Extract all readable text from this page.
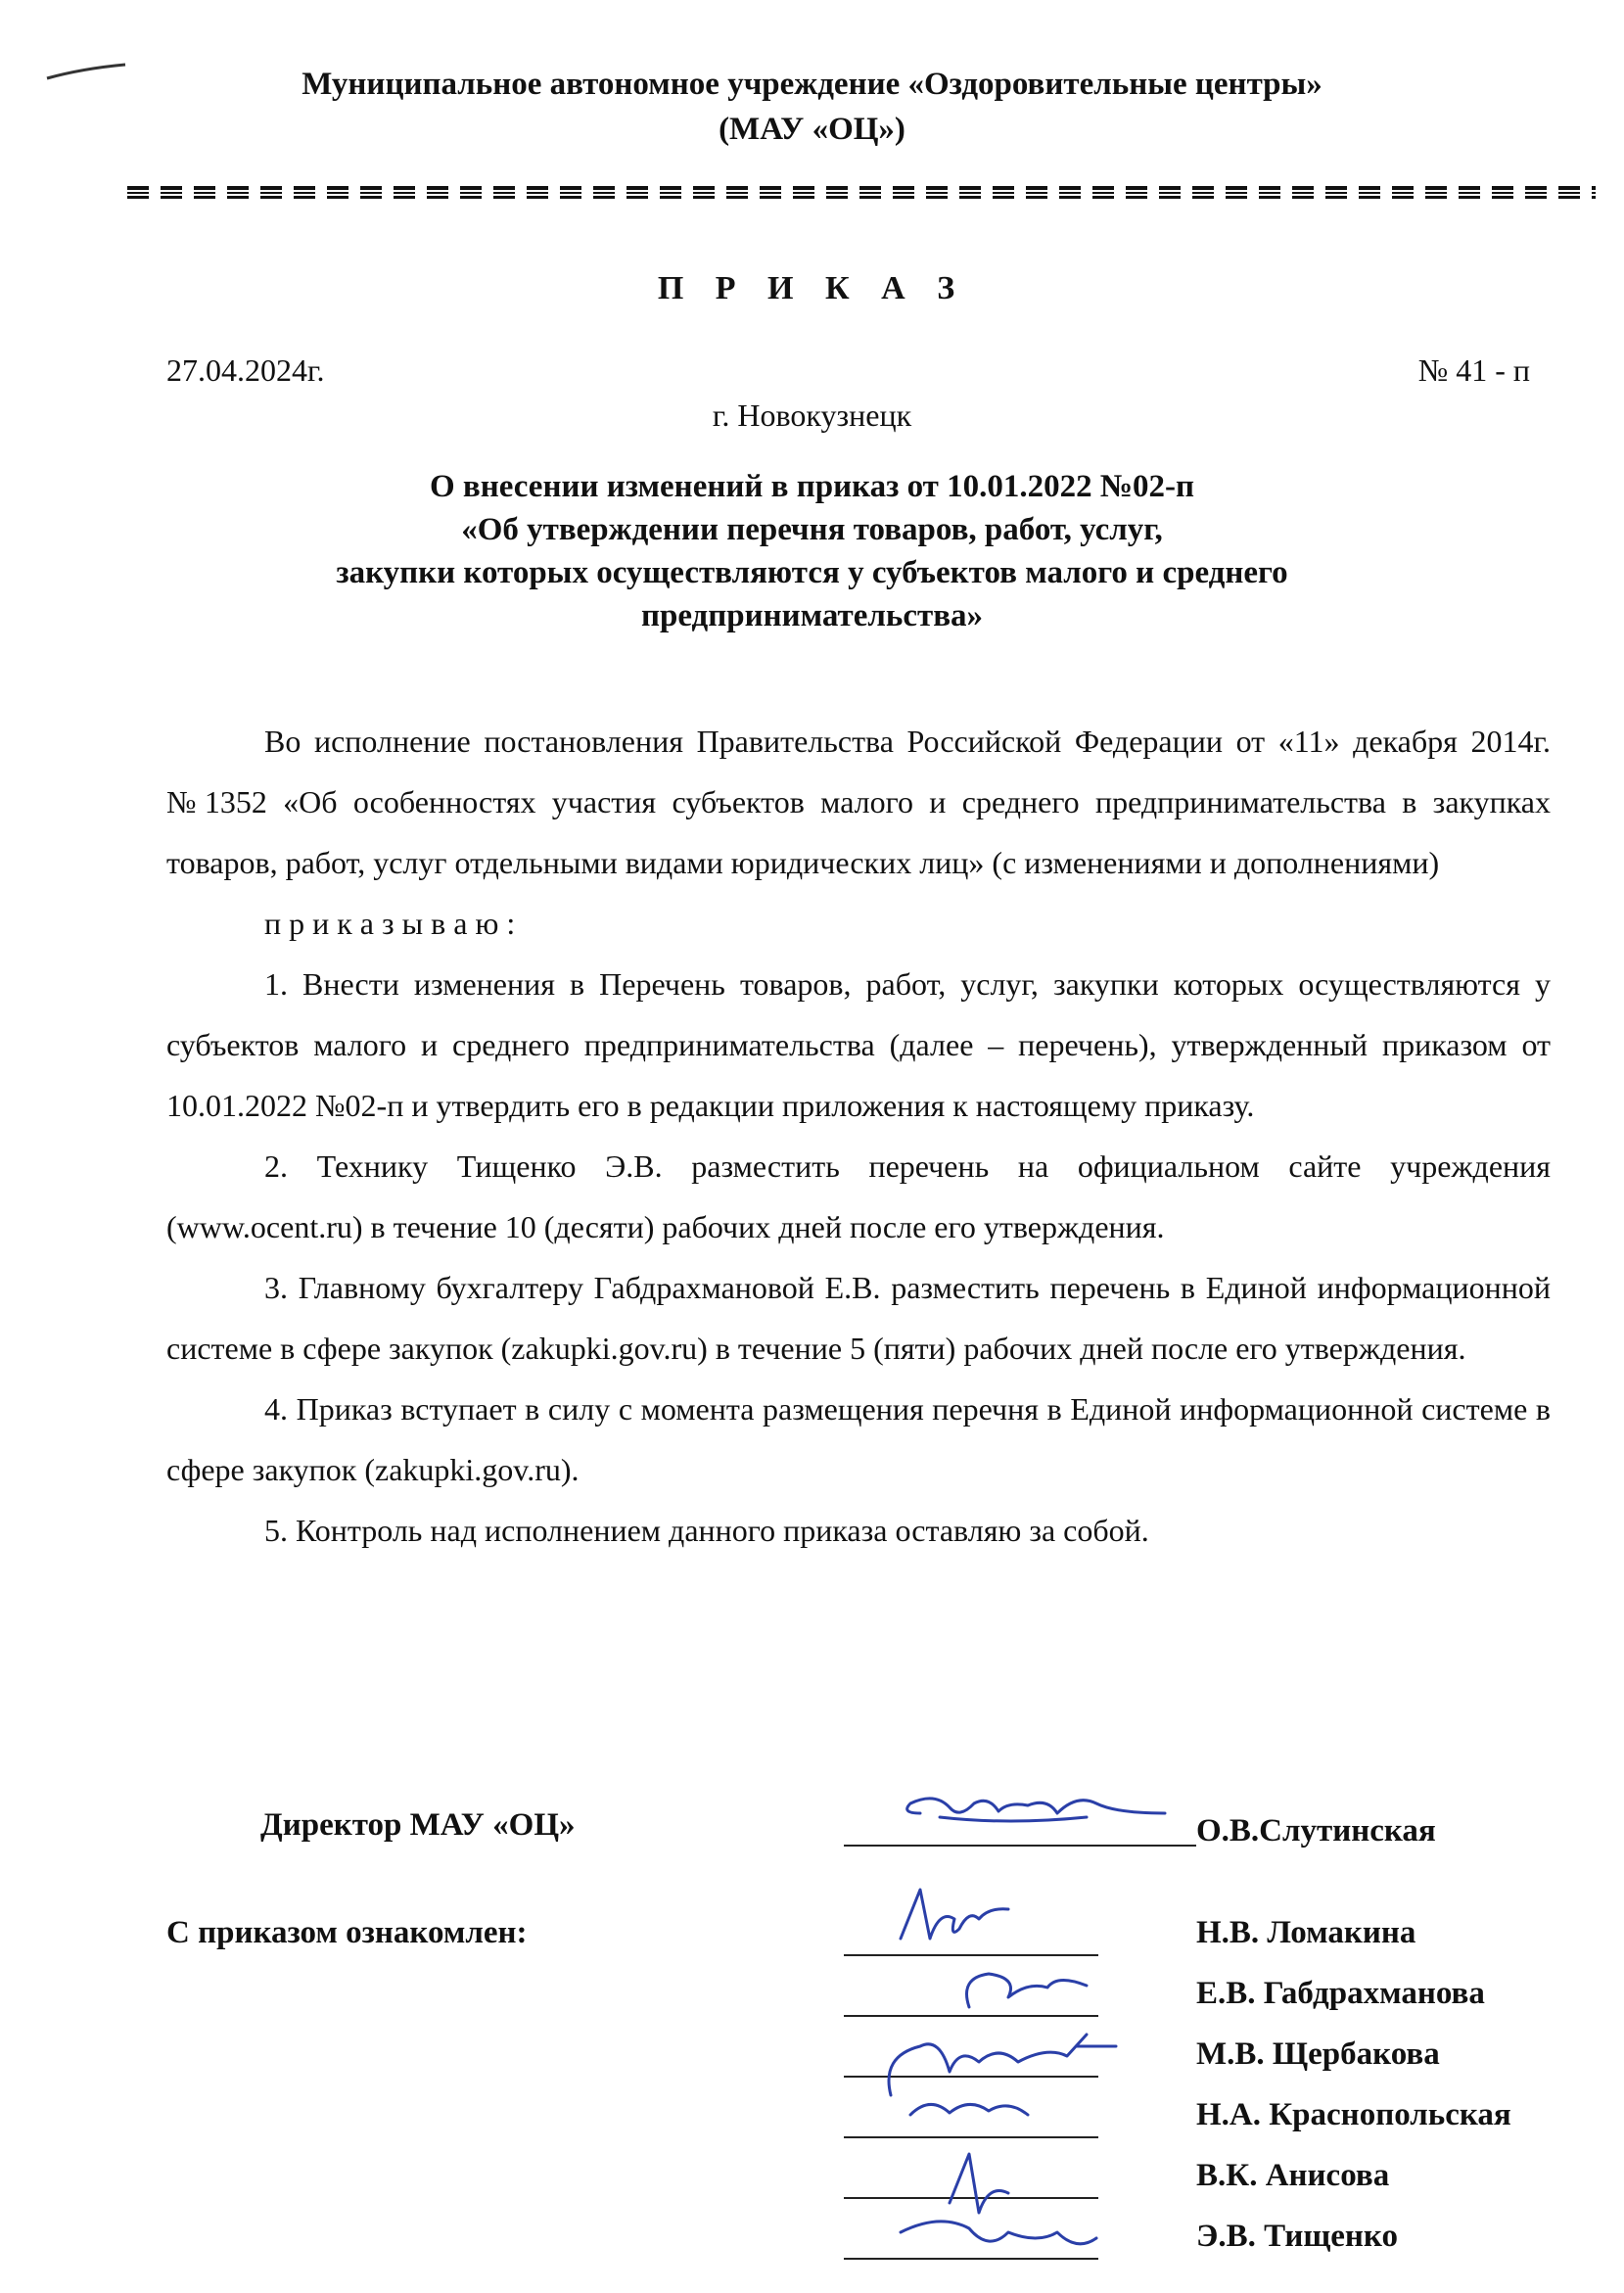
Муниципальное автономное учреждение «Оздоровительные центры»
(МАУ «ОЦ»)
П Р И К А З
27.04.2024г.	№ 41 - п
г. Новокузнецк
О внесении изменений в приказ от 10.01.2022 №02-п
«Об утверждении перечня товаров, работ, услуг,
закупки которых осуществляются у субъектов малого и среднего
предпринимательства»

Во исполнение постановления Правительства Российской Федерации от «11» декабря 2014г. №1352 «Об особенностях участия субъектов малого и среднего предпринимательства в закупках товаров, работ, услуг отдельными видами юридических лиц» (с изменениями и дополнениями)

п р и к а з ы в а ю :

1. Внести изменения в Перечень товаров, работ, услуг, закупки которых осуществляются у субъектов малого и среднего предпринимательства (далее – перечень), утвержденный приказом от 10.01.2022 №02-п и утвердить его в редакции приложения к настоящему приказу.

2. Технику Тищенко Э.В. разместить перечень на официальном сайте учреждения (www.ocent.ru) в течение 10 (десяти) рабочих дней после его утверждения.

3. Главному бухгалтеру Габдрахмановой Е.В. разместить перечень в Единой информационной системе в сфере закупок (zakupki.gov.ru) в течение 5 (пяти) рабочих дней после его утверждения.

4. Приказ вступает в силу с момента размещения перечня в Единой информационной системе в сфере закупок (zakupki.gov.ru).

5. Контроль над исполнением данного приказа оставляю за собой.

Директор МАУ «ОЦ»	О.В.Слутинская
С приказом ознакомлен:	Н.В. Ломакина
Е.В. Габдрахманова
М.В. Щербакова
Н.А. Краснопольская
В.К. Анисова
Э.В. Тищенко
